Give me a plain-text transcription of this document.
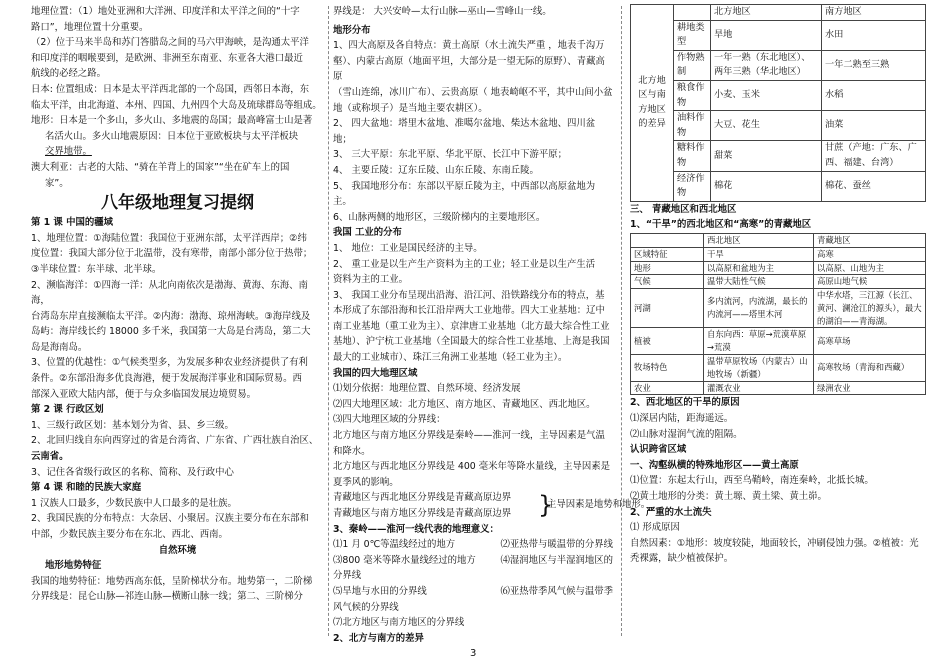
地理位置：（1）地处亚洲和大洋洲、印度洋和太平洋之间的“十字

路口”，地理位置十分重要。

（2）位于马来半岛和苏门答腊岛之间的马六甲海峡，是沟通太平洋

和印度洋的咽喉要到，是欧洲、非洲至东南亚、东亚各大港口最近

航线的必经之路。

日本: 位置组成：日本是太平洋西北部的一个岛国，西邻日本海，东

临太平洋，由北海道、本州、四国、九州四个大岛及琉球群岛等组成。

地形：日本是一个多山，多火山、多地震的岛国；最高峰富士山是著

名活火山。多火山地震原因：日本位于亚欧板块与太平洋板块

交界地带。

澳大利亚：古老的大陆、“骑在羊背上的国家”“坐在矿车上的国

家”。

八年级地理复习提纲

第 1 课 中国的疆域

1、地理位置：①海陆位置：我国位于亚洲东部，太平洋西岸；②纬

度位置：我国大部分位于北温带，没有寒带，南部小部分位于热带；

③半球位置：东半球、北半球。

2、濒临海洋：①四海一洋：从北向南依次是渤海、黄海、东海、南海，

台湾岛东岸直接濒临太平洋。②内海：渤海、琼州海峡。③海岸线及

岛屿：海岸线长约 18000 多千米，我国第一大岛是台湾岛，第二大

岛是海南岛。

3、位置的优越性：①气候类型多，为发展多种农业经济提供了有利

条件。②东部沿海多优良海港，便于发展海洋事业和国际贸易。西

部深入亚欧大陆内部，便于与众多临国发展边境贸易。

第 2 课 行政区划

1、三级行政区划：基本划分为省、县、乡三级。

2、北回归线自东向西穿过的省是台湾省、广东省、广西壮族自治区、

云南省。

3、记住各省级行政区的名称、简称、及行政中心

第 4 课 和睦的民族大家庭

1 汉族人口最多，少数民族中人口最多的是壮族。

2、我国民族的分布特点：大杂居、小聚居。汉族主要分布在东部和

中部，少数民族主要分布在东北、西北、西南。

自然环境

地形地势特征

我国的地势特征：地势西高东低，呈阶梯状分布。地势第一，二阶梯

分界线是：昆仑山脉—祁连山脉—横断山脉一线；第二、三阶梯分

界线是： 大兴安岭—太行山脉—巫山—雪峰山一线。

地形分布

1、四大高原及各自特点：黄土高原（水土流失严重 ，地表千沟万

壑）、内蒙古高原（地面平坦，大部分是一望无际的原野）、青藏高原

（雪山连绵，冰川广布）、云贵高原（ 地表崎岖不平，其中山间小盆

地（或称坝子）是当地主要农耕区）。

2、 四大盆地：塔里木盆地、准噶尔盆地、柴达木盆地、四川盆地；

3、 三大平原：东北平原、华北平原、长江中下游平原；

4、 主要丘陵：辽东丘陵、山东丘陵、东南丘陵。

5、 我国地形分布：东部以平原丘陵为主，中西部以高原盆地为主。

6、山脉两侧的地形区，三级阶梯内的主要地形区。

我国 工业的分布

1、 地位：工业是国民经济的主导。

2、 重工业是以生产生产资料为主的工业；轻工业是以生产生活

资料为主的工业。

3、 我国工业分布呈现出沿海、沿江河、沿铁路线分布的特点，基

本形成了东部沿海和长江沿岸两大工业地带。四大工业基地：辽中

南工业基地（重工业为主）、京津唐工业基地（北方最大综合性工业

基地）、沪宁杭工业基地（全国最大的综合性工业基地、上海是我国

最大的工业城市）、珠江三角洲工业基地（轻工业为主）。

我国的四大地理区域

⑴划分依据：地理位置、自然环境、经济发展

⑵四大地理区域：北方地区、南方地区、青藏地区、西北地区。

⑶四大地理区域的分界线：

北方地区与南方地区分界线是秦岭——淮河一线，主导因素是气温

和降水。

北方地区与西北地区分界线是 400 毫米年等降水量线，主导因素是

夏季风的影响。

青藏地区与西北地区分界线是青藏高原边界

青藏地区与南方地区分界线是青藏高原边界	}
主导因素是地势和地形。

3、秦岭——淮河一线代表的地理意义：

⑴1 月 0℃等温线经过的地方	⑵亚热带与暖温带的分界线
⑶800 毫米等降水量线经过的地方	⑷湿润地区与半湿润地区的

分界线

⑸旱地与水田的分界线	⑹亚热带季风气候与温带季

风气候的分界线

⑺北方地区与南方地区的分界线

2、北方与南方的差异

北方地区与南方地区的差异		北方地区	南方地区
	耕地类型	旱地	水田
	作物熟制	一年一熟（东北地区）、两年三熟（华北地区）	一年二熟至三熟
	粮食作物	小麦、玉米	水稻
	油料作物	大豆、花生	油菜
	糖料作物	甜菜	甘蔗（产地：广东、广西、福建、台湾）
	经济作物	棉花	棉花、蚕丝

三、 青藏地区和西北地区

1、“干旱”的西北地区和“高寒”的青藏地区

	西北地区	青藏地区
区域特征	干旱	高寒
地形	以高原和盆地为主	以高原、山地为主
气候	温带大陆性气候	高原山地气候
河湖	多内流河，内流湖，最长的内流河——塔里木河	中华水塔，三江源（长江、黄河、澜沧江的源头），最大的湖泊——青海湖。
植被	自东向西：草原→荒漠草原→荒漠	高寒草场
牧场特色	温带草原牧场（内蒙古）山地牧场（新疆）	高寒牧场（青海和西藏）
农业	灌溉农业	绿洲农业

2、西北地区的干旱的原因

⑴深居内陆，距海遥远。

⑵山脉对湿润气流的阻隔。

认识跨省区域

一、沟壑纵横的特殊地形区——黄土高原

⑴位置：东起太行山，西至乌鞘岭，南连秦岭，北抵长城。

⑵黄土地形的分类：黄土塬、黄土梁、黄土峁。

2、严重的水土流失

⑴ 形成原因

自然因素：①地形：坡度较陡，地面较长，冲刷侵蚀力强。②植被：光

秃裸露，缺少植被保护。

3
